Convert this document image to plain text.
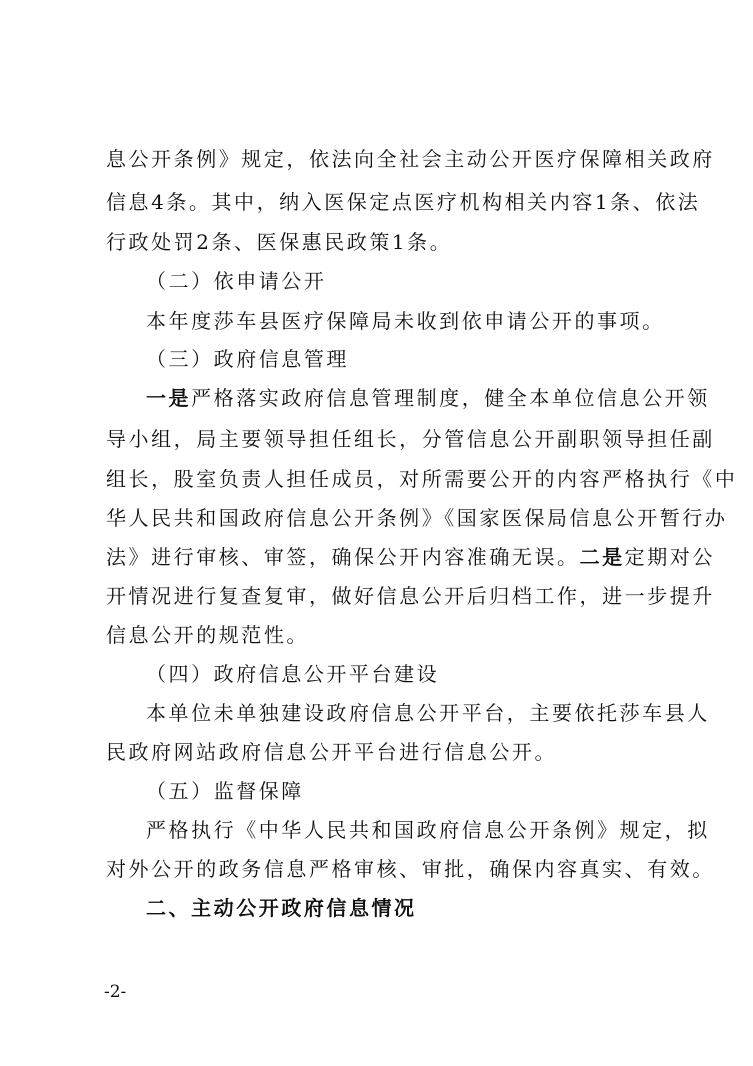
息公开条例》规定，依法向全社会主动公开医疗保障相关政府
信息4条。其中，纳入医保定点医疗机构相关内容1条、依法
行政处罚2条、医保惠民政策1条。
（二）依申请公开
本年度莎车县医疗保障局未收到依申请公开的事项。
（三）政府信息管理
一是严格落实政府信息管理制度，健全本单位信息公开领
导小组，局主要领导担任组长，分管信息公开副职领导担任副
组长，股室负责人担任成员，对所需要公开的内容严格执行《中
华人民共和国政府信息公开条例》《国家医保局信息公开暂行办
法》进行审核、审签，确保公开内容准确无误。二是定期对公
开情况进行复查复审，做好信息公开后归档工作，进一步提升
信息公开的规范性。
（四）政府信息公开平台建设
本单位未单独建设政府信息公开平台，主要依托莎车县人
民政府网站政府信息公开平台进行信息公开。
（五）监督保障
严格执行《中华人民共和国政府信息公开条例》规定，拟
对外公开的政务信息严格审核、审批，确保内容真实、有效。
二、主动公开政府信息情况
-2-
